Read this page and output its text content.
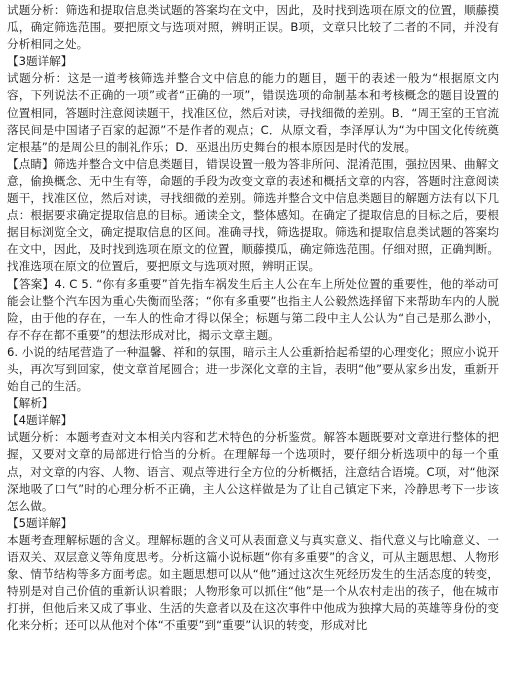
试题分析：筛选和提取信息类试题的答案均在文中，因此，及时找到选项在原文的位置，顺藤摸瓜，确定筛选范围。要把原文与选项对照，辨明正误。B项，文章只比较了二者的不同，并没有分析相同之处。

【3题详解】

试题分析：这是一道考核筛选并整合文中信息的能力的题目，题干的表述一般为“根据原文内容，下列说法不正确的一项”或者“正确的一项”，错误选项的命制基本和考核概念的题目设置的位置相同，答题时注意阅读题干，找准区位，然后对读，寻找细微的差别。B．“周王室的王官流落民间是中国诸子百家的起源”不是作者的观点；C．从原文看，李泽厚认为“为中国文化传统奠定根基”的是周公旦的制礼作乐；D．巫退出历史舞台的根本原因是时代的发展。

【点睛】筛选并整合文中信息类题目，错误设置一般为答非所问、混淆范围，强拉因果、曲解文意，偷换概念、无中生有等，命题的手段为改变文章的表述和概括文章的内容，答题时注意阅读题干，找准区位，然后对读，寻找细微的差别。筛选并整合文中信息类题目的解题方法有以下几点：根据要求确定提取信息的目标。通读全文，整体感知。在确定了提取信息的目标之后，要根据目标浏览全文，确定提取信息的区间。准确寻找，筛选提取。筛选和提取信息类试题的答案均在文中，因此，及时找到选项在原文的位置，顺藤摸瓜，确定筛选范围。仔细对照，正确判断。找准选项在原文的位置后，要把原文与选项对照，辨明正误。

【答案】4. C 5. “你有多重要”首先指车祸发生后主人公在车上所处位置的重要性，他的举动可能会让整个汽车因为重心失衡而坠落；“你有多重要”也指主人公毅然选择留下来帮助车内的人脱险，由于他的存在，一车人的性命才得以保全；标题与第二段中主人公认为“自己是那么渺小，存不存在都不重要”的想法形成对比，揭示文章主题。

6. 小说的结尾营造了一种温馨、祥和的氛围，暗示主人公重新拾起希望的心理变化；照应小说开头，再次写到回家，使文章首尾圆合；进一步深化文章的主旨，表明“他”要从家乡出发，重新开始自己的生活。

【解析】

【4题详解】

试题分析：本题考查对文本相关内容和艺术特色的分析鉴赏。解答本题既要对文章进行整体的把握，又要对文章的局部进行恰当的分析。在理解每一个选项时，要仔细分析选项中的每一个重点，对文章的内容、人物、语言、观点等进行全方位的分析概括，注意结合语境。C项，对“他深深地吸了口气”时的心理分析不正确，主人公这样做是为了让自己镇定下来，冷静思考下一步该怎么做。

【5题详解】

本题考查理解标题的含义。理解标题的含义可从表面意义与真实意义、指代意义与比喻意义、一语双关、双层意义等角度思考。分析这篇小说标题“你有多重要”的含义，可从主题思想、人物形象、情节结构等多方面考虑。如主题思想可以从“他”通过这次生死经历发生的生活态度的转变，特别是对自己价值的重新认识着眼；人物形象可以抓住“他”是一个从农村走出的孩子，他在城市打拼，但他后来又成了事业、生活的失意者以及在这次事件中他成为独撑大局的英雄等身份的变化来分析；还可以从他对个体“不重要”到“重要”认识的转变，形成对比
